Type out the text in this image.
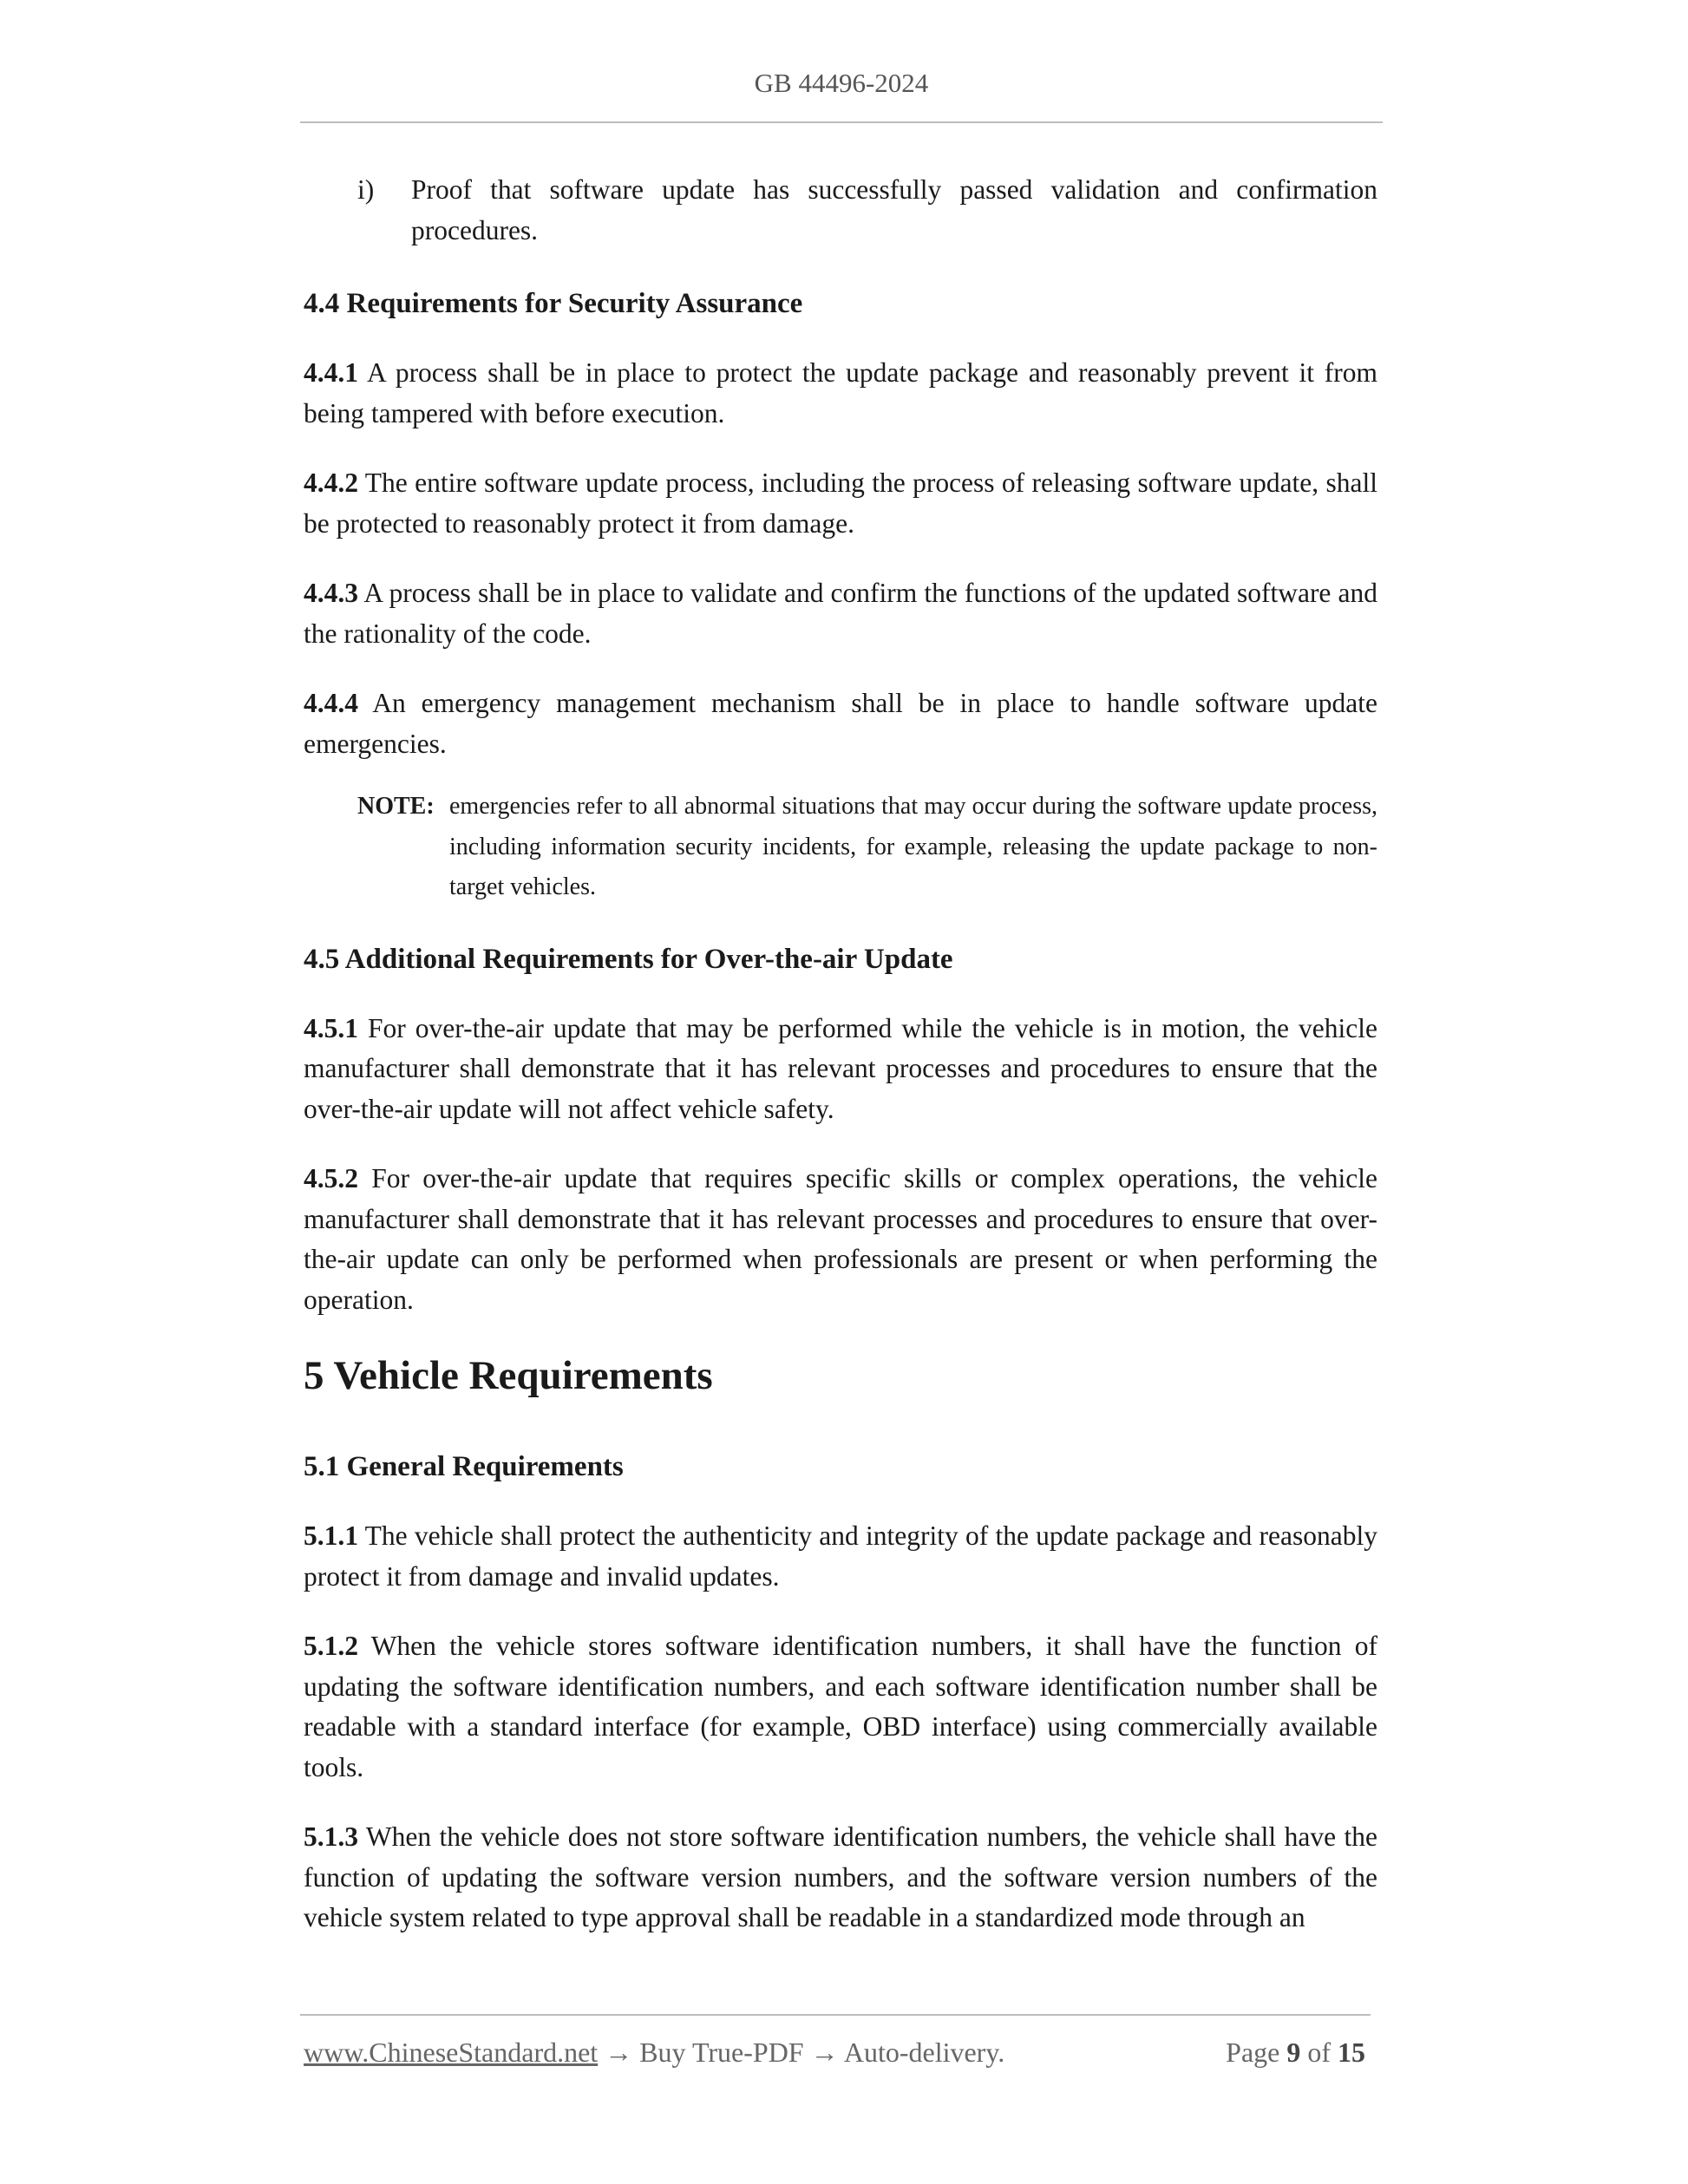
GB 44496-2024
i)	Proof that software update has successfully passed validation and confirmation procedures.
4.4 Requirements for Security Assurance

4.4.1 A process shall be in place to protect the update package and reasonably prevent it from being tampered with before execution.

4.4.2 The entire software update process, including the process of releasing software update, shall be protected to reasonably protect it from damage.

4.4.3 A process shall be in place to validate and confirm the functions of the updated software and the rationality of the code.

4.4.4 An emergency management mechanism shall be in place to handle software update emergencies.

NOTE: emergencies refer to all abnormal situations that may occur during the software update process, including information security incidents, for example, releasing the update package to non-target vehicles.
4.5 Additional Requirements for Over-the-air Update

4.5.1 For over-the-air update that may be performed while the vehicle is in motion, the vehicle manufacturer shall demonstrate that it has relevant processes and procedures to ensure that the over-the-air update will not affect vehicle safety.

4.5.2 For over-the-air update that requires specific skills or complex operations, the vehicle manufacturer shall demonstrate that it has relevant processes and procedures to ensure that over-the-air update can only be performed when professionals are present or when performing the operation.

5 Vehicle Requirements
5.1 General Requirements

5.1.1 The vehicle shall protect the authenticity and integrity of the update package and reasonably protect it from damage and invalid updates.

5.1.2 When the vehicle stores software identification numbers, it shall have the function of updating the software identification numbers, and each software identification number shall be readable with a standard interface (for example, OBD interface) using commercially available tools.

5.1.3 When the vehicle does not store software identification numbers, the vehicle shall have the function of updating the software version numbers, and the software version numbers of the vehicle system related to type approval shall be readable in a standardized mode through an

www.ChineseStandard.net → Buy True-PDF → Auto-delivery.	Page 9 of 15
